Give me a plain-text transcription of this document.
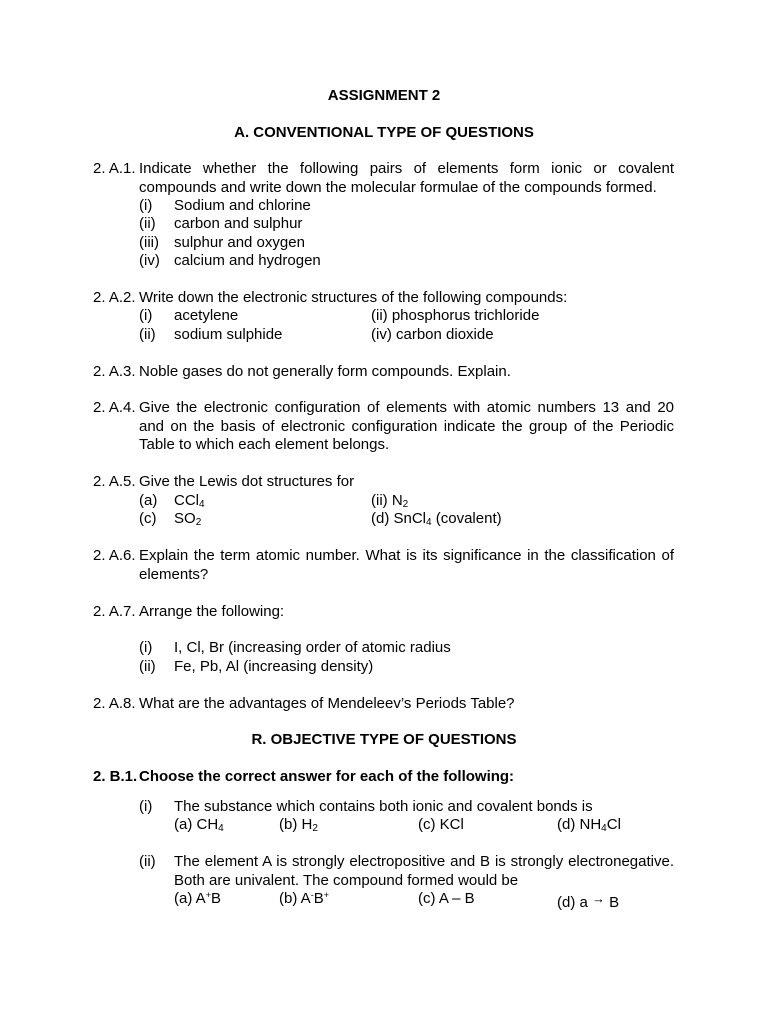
ASSIGNMENT 2
A. CONVENTIONAL TYPE OF QUESTIONS
2. A.1. Indicate whether the following pairs of elements form ionic or covalent compounds and write down the molecular formulae of the compounds formed.
(i) Sodium and chlorine
(ii) carbon and sulphur
(iii) sulphur and oxygen
(iv) calcium and hydrogen
2. A.2. Write down the electronic structures of the following compounds:
(i) acetylene	(ii) phosphorus trichloride
(ii) sodium sulphide	(iv) carbon dioxide
2. A.3. Noble gases do not generally form compounds. Explain.
2. A.4. Give the electronic configuration of elements with atomic numbers 13 and 20 and on the basis of electronic configuration indicate the group of the Periodic Table to which each element belongs.
2. A.5. Give the Lewis dot structures for
(a) CCl$_4$	(ii) $N_2$
(c) $SO_2$	(d) SnCl$_4$ (covalent)
2. A.6. Explain the term atomic number. What is its significance in the classification of elements?
2. A.7. Arrange the following:
(i) I, Cl, Br (increasing order of atomic radius
(ii) Fe, Pb, Al (increasing density)
2. A.8. What are the advantages of Mendeleev’s Periods Table?
R. OBJECTIVE TYPE OF QUESTIONS
2. B.1. Choose the correct answer for each of the following:
(i) The substance which contains both ionic and covalent bonds is
(a) $CH_4$	(b) $H_2$	(c) KCl	(d) $NH_4Cl$
(ii) The element A is strongly electropositive and B is strongly electronegative. Both are univalent. The compound formed would be
(a) A+B	(b) A-B+	(c) A – B	(d) a → B
